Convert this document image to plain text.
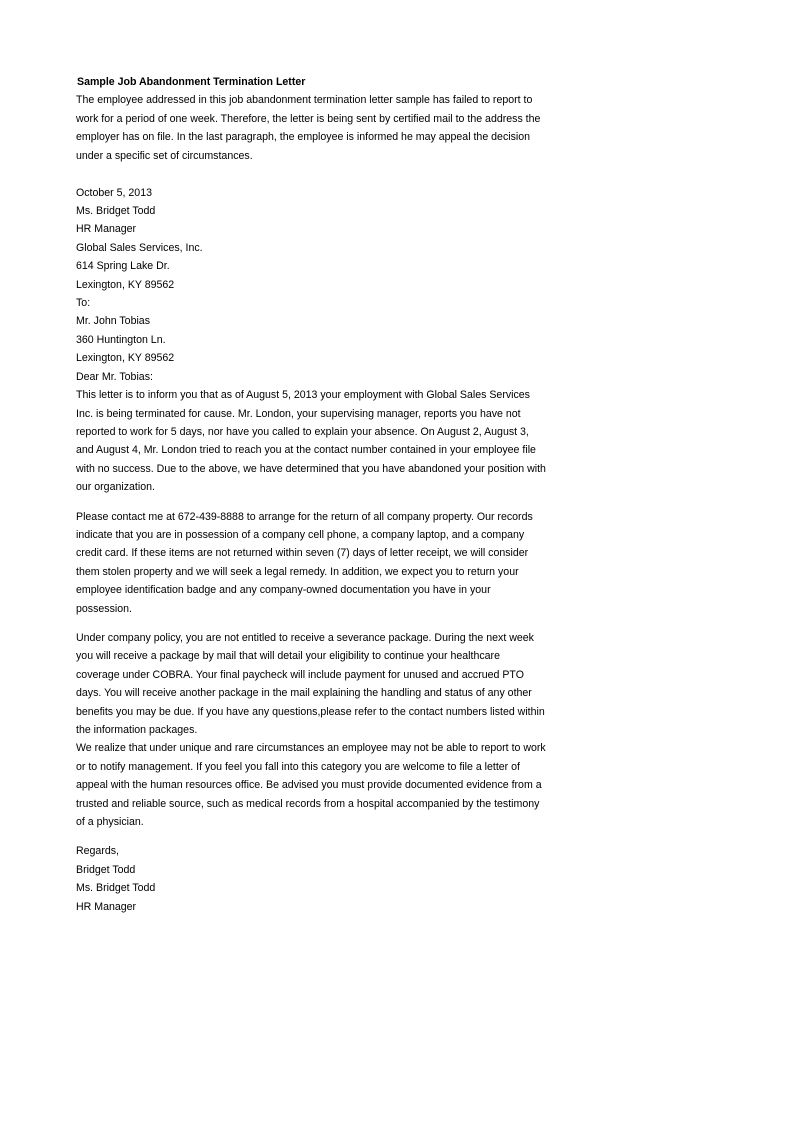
Sample Job Abandonment Termination Letter

The employee addressed in this job abandonment termination letter sample has failed to report to work for a period of one week. Therefore, the letter is being sent by certified mail to the address the employer has on file. In the last paragraph, the employee is informed he may appeal the decision under a specific set of circumstances.

October 5, 2013

Ms. Bridget Todd

HR Manager

Global Sales Services, Inc.

614 Spring Lake Dr.

Lexington, KY 89562

To:

Mr. John Tobias

360 Huntington Ln.

Lexington, KY 89562

Dear Mr. Tobias:

This letter is to inform you that as of August 5, 2013 your employment with Global Sales Services Inc. is being terminated for cause. Mr. London, your supervising manager, reports you have not reported to work for 5 days, nor have you called to explain your absence. On August 2, August 3, and August 4, Mr. London tried to reach you at the contact number contained in your employee file with no success. Due to the above, we have determined that you have abandoned your position with our organization.

Please contact me at 672-439-8888 to arrange for the return of all company property. Our records indicate that you are in possession of a company cell phone, a company laptop, and a company credit card. If these items are not returned within seven (7) days of letter receipt, we will consider them stolen property and we will seek a legal remedy. In addition, we expect you to return your employee identification badge and any company-owned documentation you have in your possession.

Under company policy, you are not entitled to receive a severance package. During the next week you will receive a package by mail that will detail your eligibility to continue your healthcare coverage under COBRA. Your final paycheck will include payment for unused and accrued PTO days. You will receive another package in the mail explaining the handling and status of any other benefits you may be due. If you have any questions,please refer to the contact numbers listed within the information packages.

We realize that under unique and rare circumstances an employee may not be able to report to work or to notify management. If you feel you fall into this category you are welcome to file a letter of appeal with the human resources office. Be advised you must provide documented evidence from a trusted and reliable source, such as medical records from a hospital accompanied by the testimony of a physician.

Regards,

Bridget Todd

Ms. Bridget Todd

HR Manager
